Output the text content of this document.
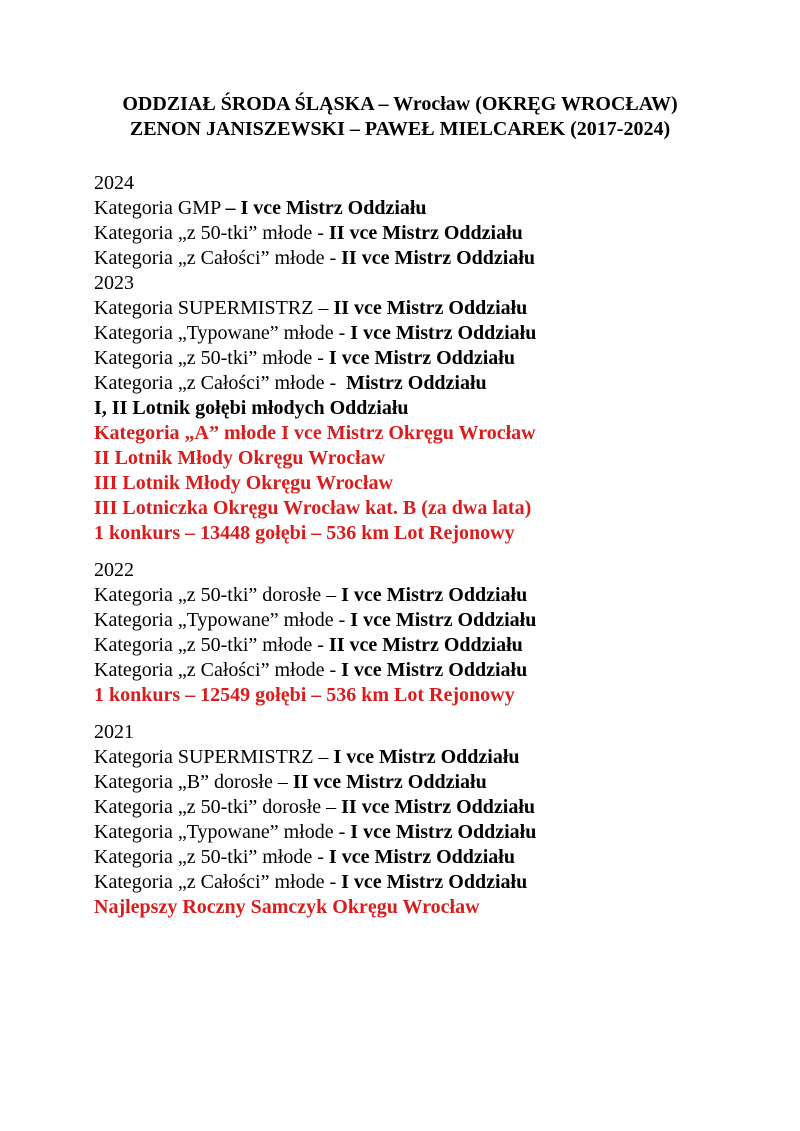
ODDZIAŁ ŚRODA ŚLĄSKA – Wrocław (OKRĘG WROCŁAW)
ZENON JANISZEWSKI – PAWEŁ MIELCAREK (2017-2024)
2024
Kategoria GMP – I vce Mistrz Oddziału
Kategoria „z 50-tki” młode - II vce Mistrz Oddziału
Kategoria „z Całości” młode - II vce Mistrz Oddziału
2023
Kategoria SUPERMISTRZ – II vce Mistrz Oddziału
Kategoria „Typowane” młode - I vce Mistrz Oddziału
Kategoria „z 50-tki” młode - I vce Mistrz Oddziału
Kategoria „z Całości” młode -  Mistrz Oddziału
I, II Lotnik gołębi młodych Oddziału
Kategoria „A” młode I vce Mistrz Okręgu Wrocław
II Lotnik Młody Okręgu Wrocław
III Lotnik Młody Okręgu Wrocław
III Lotniczka Okręgu Wrocław kat. B (za dwa lata)
1 konkurs – 13448 gołębi – 536 km Lot Rejonowy
2022
Kategoria „z 50-tki” dorosłe – I vce Mistrz Oddziału
Kategoria „Typowane” młode - I vce Mistrz Oddziału
Kategoria „z 50-tki” młode - II vce Mistrz Oddziału
Kategoria „z Całości” młode - I vce Mistrz Oddziału
1 konkurs – 12549 gołębi – 536 km Lot Rejonowy
2021
Kategoria SUPERMISTRZ – I vce Mistrz Oddziału
Kategoria „B” dorosłe – II vce Mistrz Oddziału
Kategoria „z 50-tki” dorosłe – II vce Mistrz Oddziału
Kategoria „Typowane” młode - I vce Mistrz Oddziału
Kategoria „z 50-tki” młode - I vce Mistrz Oddziału
Kategoria „z Całości” młode - I vce Mistrz Oddziału
Najlepszy Roczny Samczyk Okręgu Wrocław
